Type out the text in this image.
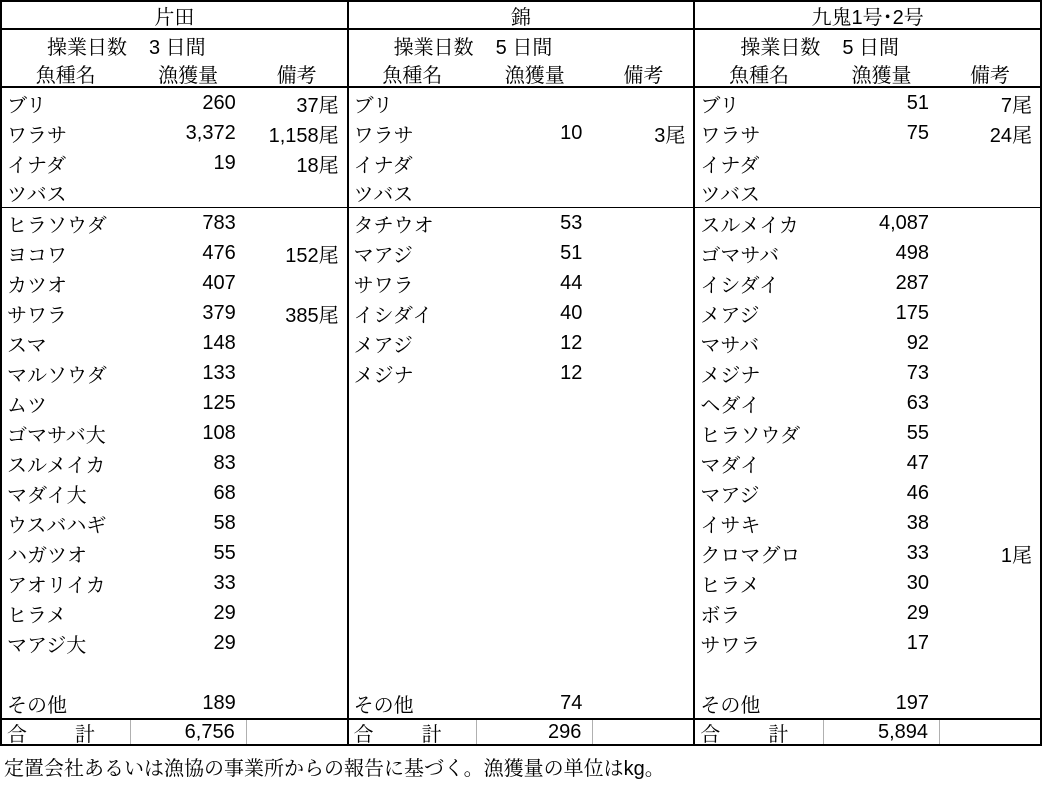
片田
操業日数 3 日間
魚種名	漁獲量	備考
ブリ	260	37尾
ワラサ	3,372	1,158尾
イナダ	19	18尾
ツバス
ヒラソウダ	783
ヨコワ	476	152尾
カツオ	407
サワラ	379	385尾
スマ	148
マルソウダ	133
ムツ	125
ゴマサバ大	108
スルメイカ	83
マダイ大	68
ウスバハギ	58
ハガツオ	55
アオリイカ	33
ヒラメ	29
マアジ大	29
その他	189
合　計	6,756
錦
操業日数 5 日間
魚種名	漁獲量	備考
ブリ
ワラサ	10	3尾
イナダ
ツバス
タチウオ	53
マアジ	51
サワラ	44
イシダイ	40
メアジ	12
メジナ	12
その他	74
合　計	296
九鬼1号･2号
操業日数 5 日間
魚種名	漁獲量	備考
ブリ	51	7尾
ワラサ	75	24尾
イナダ
ツバス
スルメイカ	4,087
ゴマサバ	498
イシダイ	287
メアジ	175
マサバ	92
メジナ	73
ヘダイ	63
ヒラソウダ	55
マダイ	47
マアジ	46
イサキ	38
クロマグロ	33	1尾
ヒラメ	30
ボラ	29
サワラ	17
その他	197
合　計	5,894
定置会社あるいは漁協の事業所からの報告に基づく。漁獲量の単位はkg。
